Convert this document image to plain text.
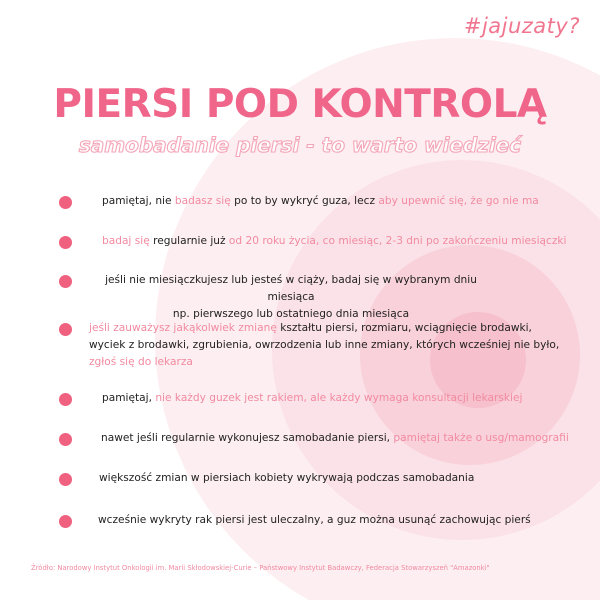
#jajuzaty?
PIERSI POD KONTROLĄ
samobadanie piersi - to warto wiedzieć
pamiętaj, nie badasz się po to by wykryć guza, lecz aby upewnić się, że go nie ma
badaj się regularnie już od 20 roku życia, co miesiąc, 2-3 dni po zakończeniu miesiączki
jeśli nie miesiączkujesz lub jesteś w ciąży, badaj się w wybranym dniu miesiąca
np. pierwszego lub ostatniego dnia miesiąca
jeśli zauważysz jakąkolwiek zmianę kształtu piersi, rozmiaru, wciągnięcie brodawki,
wyciek z brodawki, zgrubienia, owrzodzenia lub inne zmiany, których wcześniej nie było,
zgłoś się do lekarza
pamiętaj, nie każdy guzek jest rakiem, ale każdy wymaga konsultacji lekarskiej
nawet jeśli regularnie wykonujesz samobadanie piersi, pamiętaj także o usg/mamografii
większość zmian w piersiach kobiety wykrywają podczas samobadania
wcześnie wykryty rak piersi jest uleczalny, a guz można usunąć zachowując pierś
Źródło: Narodowy Instytut Onkologii im. Marii Skłodowskiej-Curie – Państwowy Instytut Badawczy, Federacja Stowarzyszeń "Amazonki"
